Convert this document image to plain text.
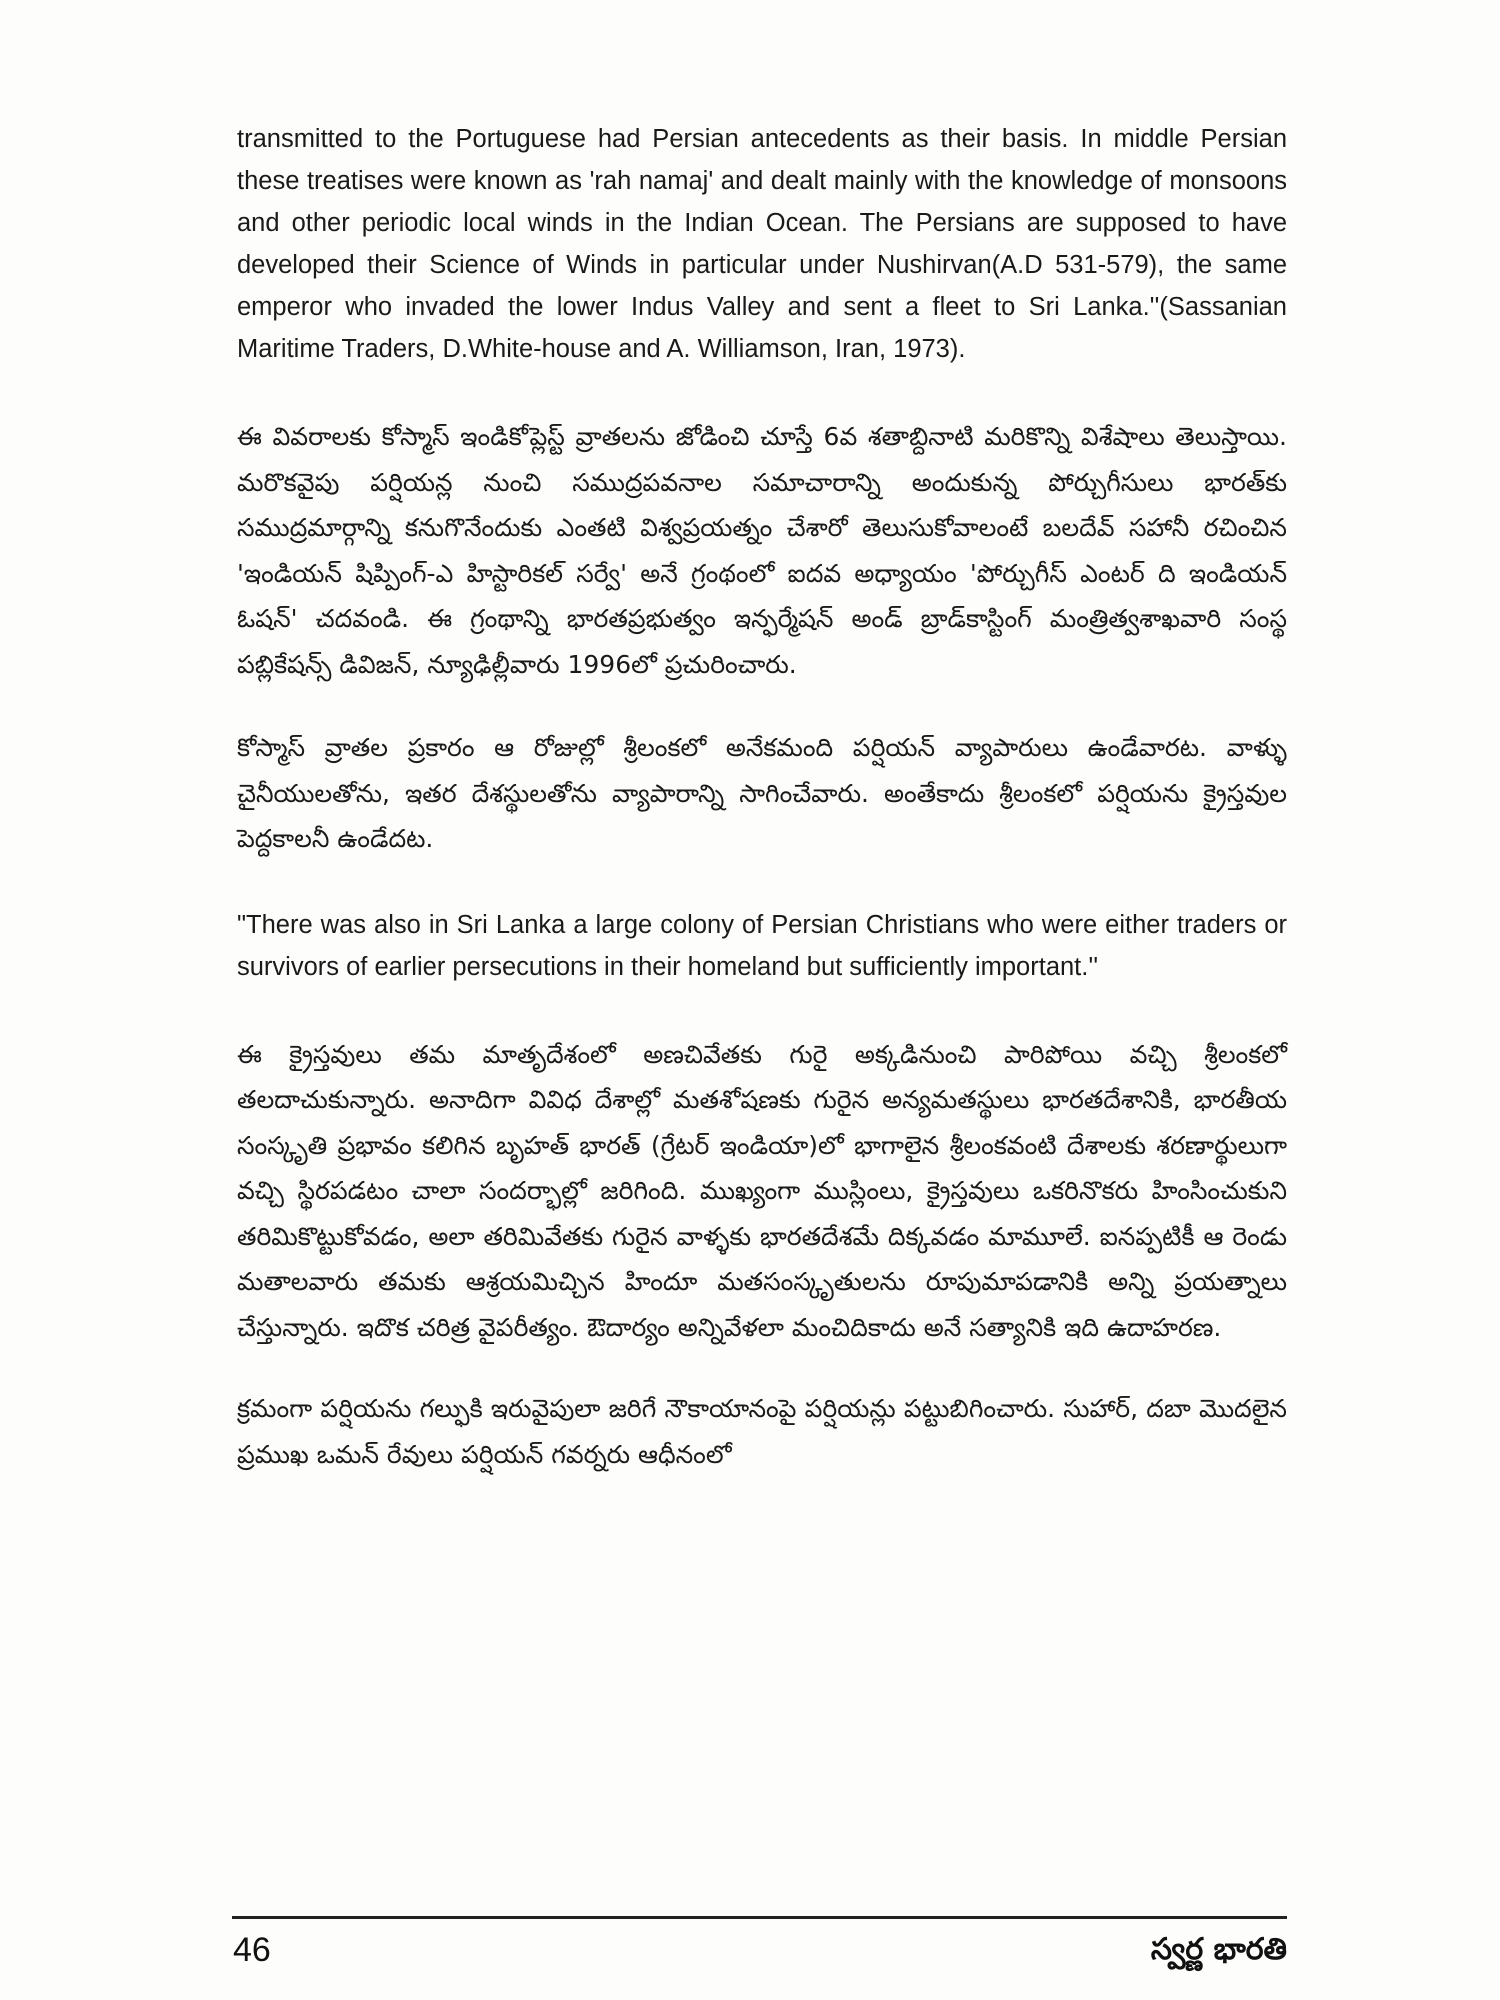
transmitted to the Portuguese had Persian antecedents as their basis. In middle Persian these treatises were known as 'rah namaj' and dealt mainly with the knowledge of monsoons and other periodic local winds in the Indian Ocean. The Persians are supposed to have developed their Science of Winds in particular under Nushirvan(A.D 531-579), the same emperor who invaded the lower Indus Valley and sent a fleet to Sri Lanka.''(Sassanian Maritime Traders, D.White-house and A. Williamson, Iran, 1973).

ఈ వివరాలకు కోస్మాస్ ఇండికోప్లెస్ట్ వ్రాతలను జోడించి చూస్తే 6వ శతాబ్దినాటి మరికొన్ని విశేషాలు తెలుస్తాయి. మరొకవైపు పర్షియన్ల నుంచి సముద్రపవనాల సమాచారాన్ని అందుకున్న పోర్చుగీసులు భారత్‌కు సముద్రమార్గాన్ని కనుగొనేందుకు ఎంతటి విశ్వప్రయత్నం చేశారో తెలుసుకోవాలంటే బలదేవ్ సహానీ రచించిన 'ఇండియన్ షిప్పింగ్-ఎ హిస్టారికల్ సర్వే' అనే గ్రంథంలో ఐదవ అధ్యాయం 'పోర్చుగీస్ ఎంటర్ ది ఇండియన్ ఓషన్' చదవండి. ఈ గ్రంథాన్ని భారతప్రభుత్వం ఇన్ఫర్మేషన్ అండ్ బ్రాడ్‌కాస్టింగ్ మంత్రిత్వశాఖవారి సంస్థ పబ్లికేషన్స్ డివిజన్, న్యూఢిల్లీవారు 1996లో ప్రచురించారు.

కోస్మాస్ వ్రాతల ప్రకారం ఆ రోజుల్లో శ్రీలంకలో అనేకమంది పర్షియన్ వ్యాపారులు ఉండేవారట. వాళ్ళు చైనీయులతోను, ఇతర దేశస్థులతోను వ్యాపారాన్ని సాగించేవారు. అంతేకాదు శ్రీలంకలో పర్షియను క్రైస్తవుల పెద్దకాలనీ ఉండేదట.

"There was also in Sri Lanka a large colony of Persian Christians who were either traders or survivors of earlier persecutions in their homeland but sufficiently important.''

ఈ క్రైస్తవులు తమ మాతృదేశంలో అణచివేతకు గురై అక్కడినుంచి పారిపోయి వచ్చి శ్రీలంకలో తలదాచుకున్నారు. అనాదిగా వివిధ దేశాల్లో మతశోషణకు గురైన అన్యమతస్థులు భారతదేశానికి, భారతీయ సంస్కృతి ప్రభావం కలిగిన బృహత్ భారత్ (గ్రేటర్ ఇండియా)లో భాగాలైన శ్రీలంకవంటి దేశాలకు శరణార్థులుగా వచ్చి స్థిరపడటం చాలా సందర్భాల్లో జరిగింది. ముఖ్యంగా ముస్లింలు, క్రైస్తవులు ఒకరినొకరు హింసించుకుని తరిమికొట్టుకోవడం, అలా తరిమివేతకు గురైన వాళ్ళకు భారతదేశమే దిక్కవడం మామూలే. ఐనప్పటికీ ఆ రెండు మతాలవారు తమకు ఆశ్రయమిచ్చిన హిందూ మతసంస్కృతులను రూపుమాపడానికి అన్ని ప్రయత్నాలు చేస్తున్నారు. ఇదొక చరిత్ర వైపరీత్యం. ఔదార్యం అన్నివేళలా మంచిదికాదు అనే సత్యానికి ఇది ఉదాహరణ.

క్రమంగా పర్షియను గల్ఫుకి ఇరువైపులా జరిగే నౌకాయానంపై పర్షియన్లు పట్టుబిగించారు. సుహార్, దబా మొదలైన ప్రముఖ ఒమన్ రేవులు పర్షియన్ గవర్నరు ఆధీనంలో

46	స్వర్ణ భారతి
